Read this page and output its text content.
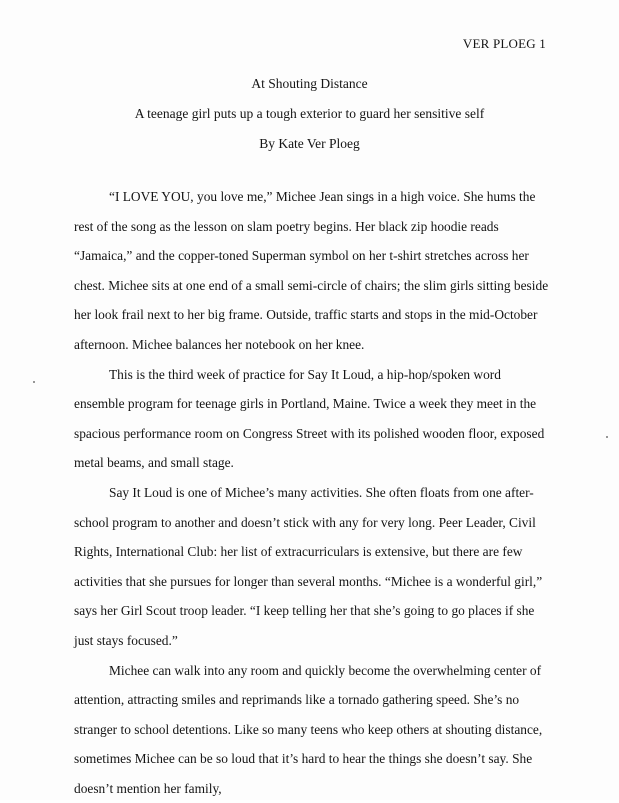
VER PLOEG 1
At Shouting Distance
A teenage girl puts up a tough exterior to guard her sensitive self
By Kate Ver Ploeg

“I LOVE YOU, you love me,” Michee Jean sings in a high voice. She hums the rest of the song as the lesson on slam poetry begins. Her black zip hoodie reads “Jamaica,” and the copper-toned Superman symbol on her t-shirt stretches across her chest. Michee sits at one end of a small semi-circle of chairs; the slim girls sitting beside her look frail next to her big frame. Outside, traffic starts and stops in the mid-October afternoon. Michee balances her notebook on her knee.

This is the third week of practice for Say It Loud, a hip-hop/spoken word ensemble program for teenage girls in Portland, Maine. Twice a week they meet in the spacious performance room on Congress Street with its polished wooden floor, exposed metal beams, and small stage.

Say It Loud is one of Michee’s many activities. She often floats from one after-school program to another and doesn’t stick with any for very long. Peer Leader, Civil Rights, International Club: her list of extracurriculars is extensive, but there are few activities that she pursues for longer than several months. “Michee is a wonderful girl,” says her Girl Scout troop leader. “I keep telling her that she’s going to go places if she just stays focused.”

Michee can walk into any room and quickly become the overwhelming center of attention, attracting smiles and reprimands like a tornado gathering speed. She’s no stranger to school detentions. Like so many teens who keep others at shouting distance, sometimes Michee can be so loud that it’s hard to hear the things she doesn’t say. She doesn’t mention her family,
